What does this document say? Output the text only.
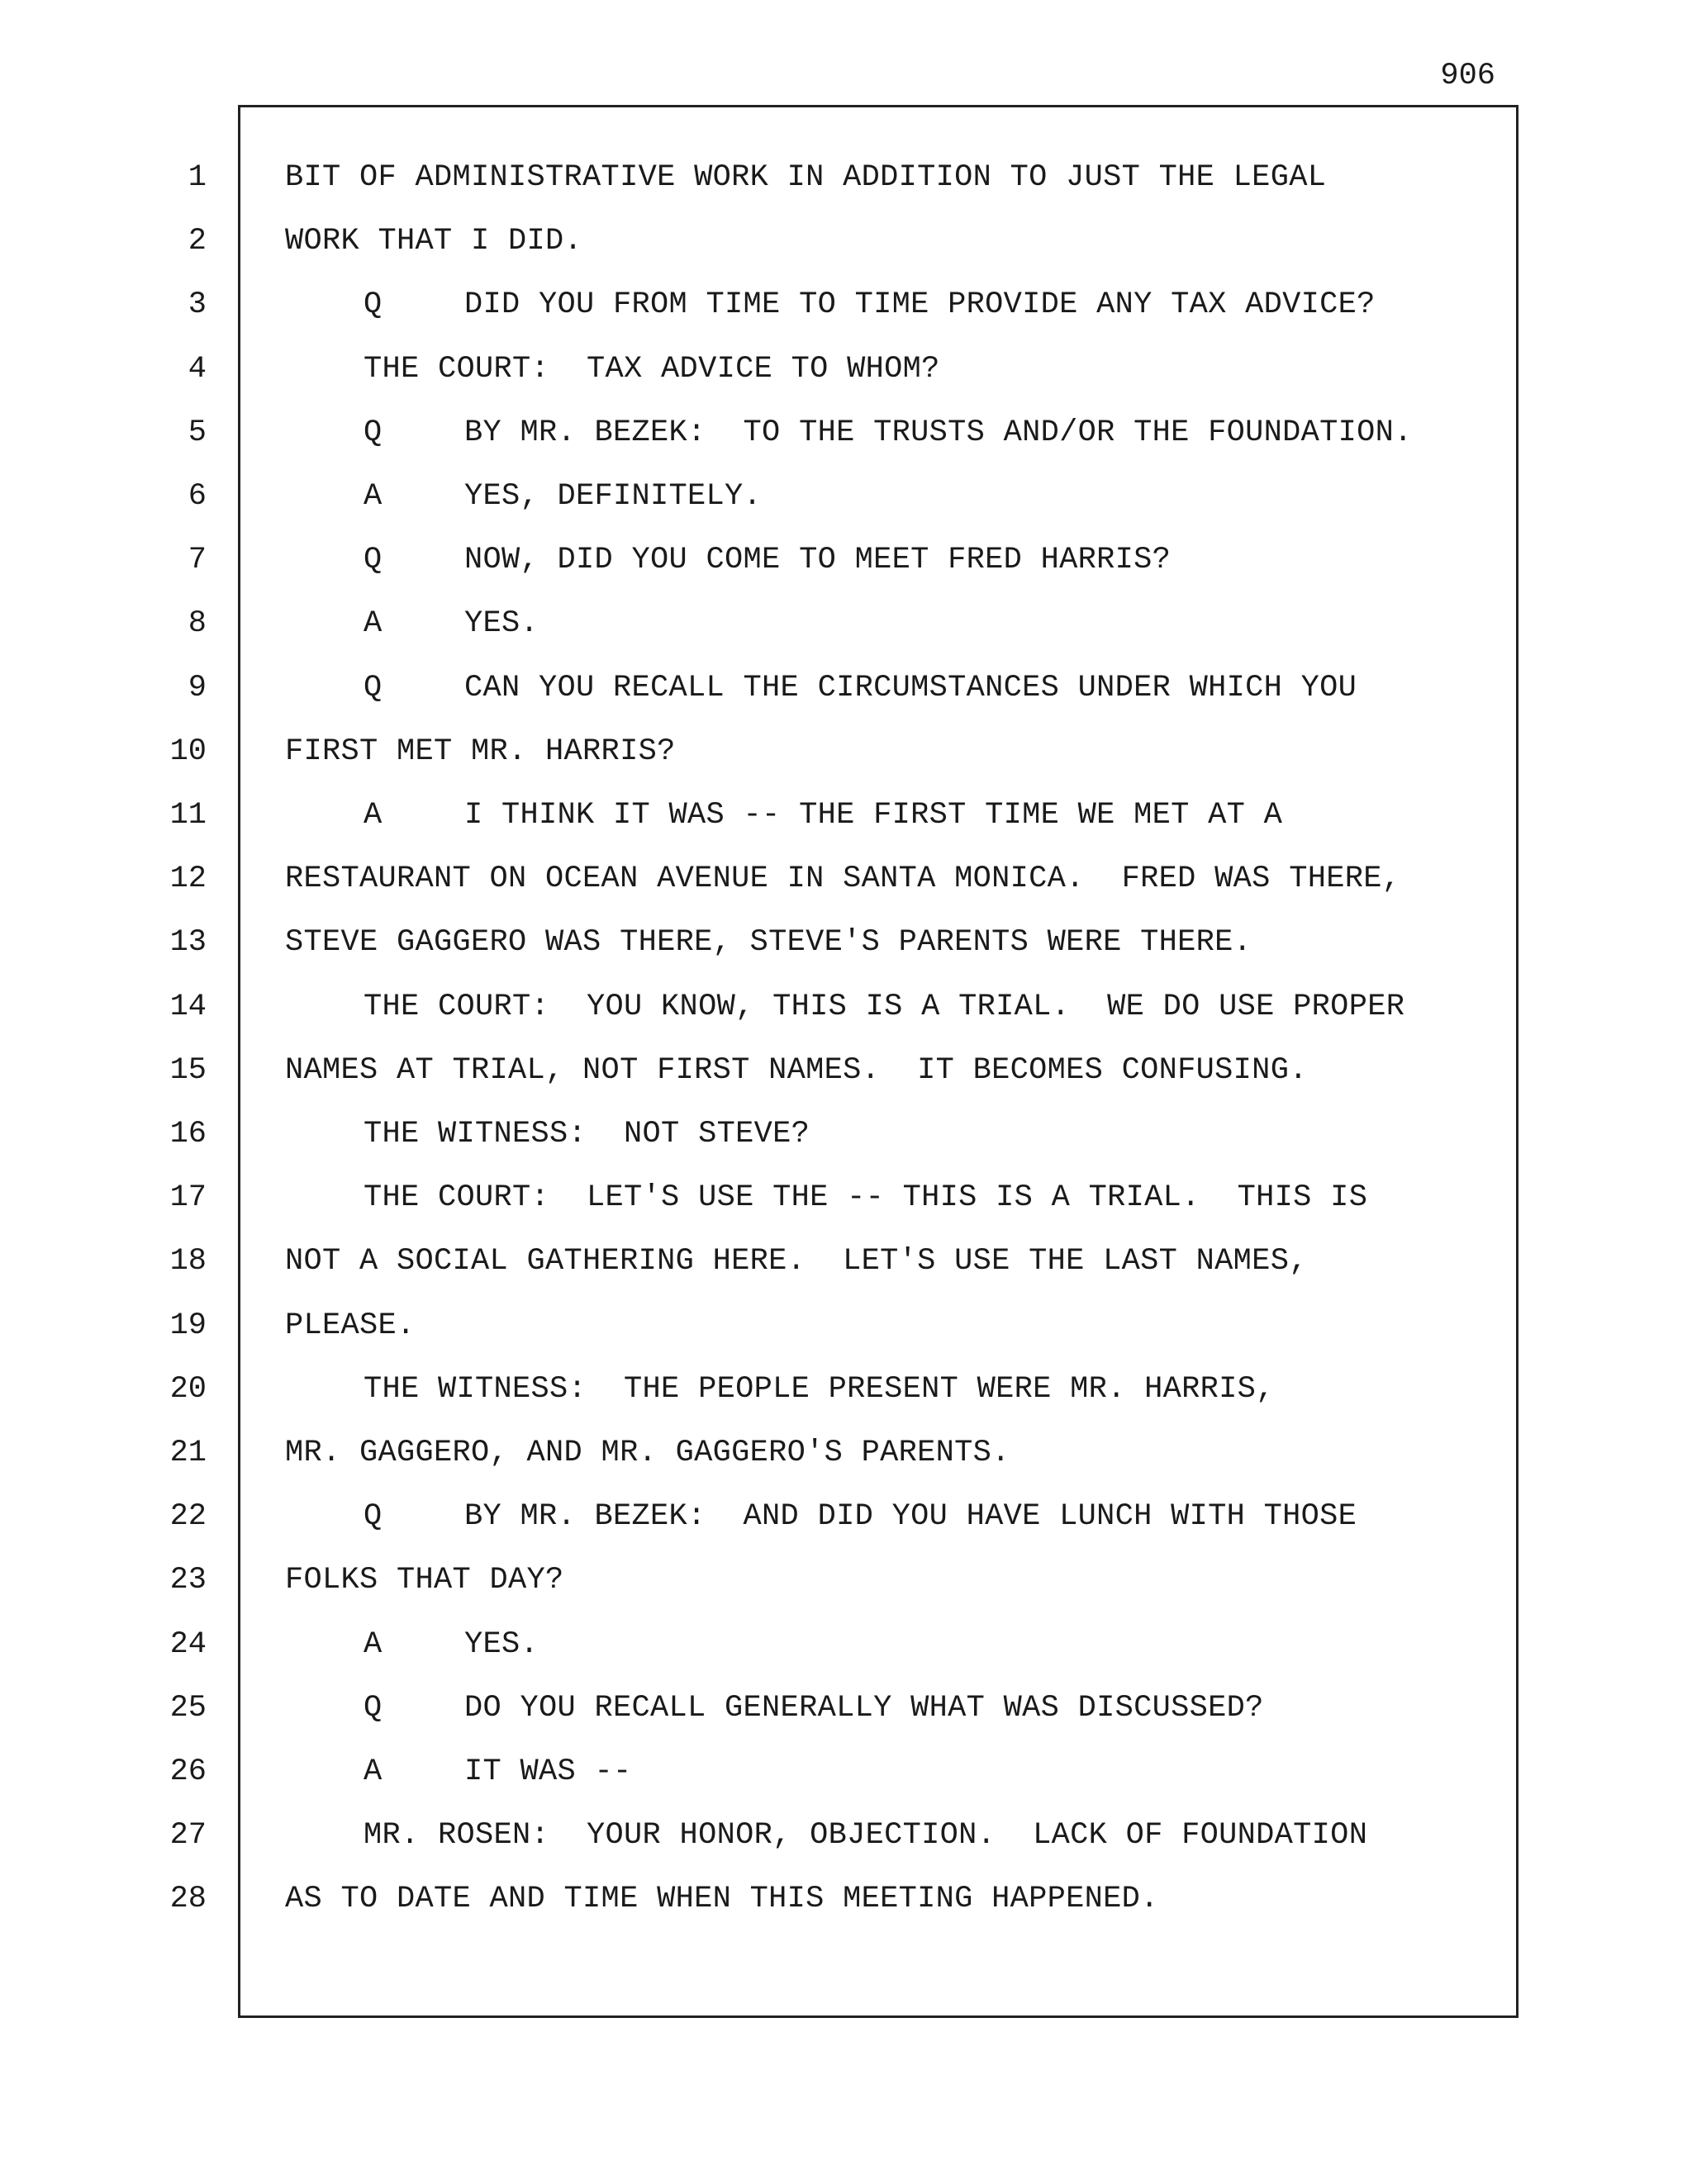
906
1
2
3
4
5
6
7
8
9
10
11
12
13
14
15
16
17
18
19
20
21
22
23
24
25
26
27
28
BIT OF ADMINISTRATIVE WORK IN ADDITION TO JUST THE LEGAL
WORK THAT I DID.
Q	DID YOU FROM TIME TO TIME PROVIDE ANY TAX ADVICE?
THE COURT:  TAX ADVICE TO WHOM?
Q	BY MR. BEZEK:  TO THE TRUSTS AND/OR THE FOUNDATION.
A	YES, DEFINITELY.
Q	NOW, DID YOU COME TO MEET FRED HARRIS?
A	YES.
Q	CAN YOU RECALL THE CIRCUMSTANCES UNDER WHICH YOU
FIRST MET MR. HARRIS?
A	I THINK IT WAS -- THE FIRST TIME WE MET AT A
RESTAURANT ON OCEAN AVENUE IN SANTA MONICA.  FRED WAS THERE,
STEVE GAGGERO WAS THERE, STEVE'S PARENTS WERE THERE.
THE COURT:  YOU KNOW, THIS IS A TRIAL.  WE DO USE PROPER
NAMES AT TRIAL, NOT FIRST NAMES.  IT BECOMES CONFUSING.
THE WITNESS:  NOT STEVE?
THE COURT:  LET'S USE THE -- THIS IS A TRIAL.  THIS IS
NOT A SOCIAL GATHERING HERE.  LET'S USE THE LAST NAMES,
PLEASE.
THE WITNESS:  THE PEOPLE PRESENT WERE MR. HARRIS,
MR. GAGGERO, AND MR. GAGGERO'S PARENTS.
Q	BY MR. BEZEK:  AND DID YOU HAVE LUNCH WITH THOSE
FOLKS THAT DAY?
A	YES.
Q	DO YOU RECALL GENERALLY WHAT WAS DISCUSSED?
A	IT WAS --
MR. ROSEN:  YOUR HONOR, OBJECTION.  LACK OF FOUNDATION
AS TO DATE AND TIME WHEN THIS MEETING HAPPENED.
